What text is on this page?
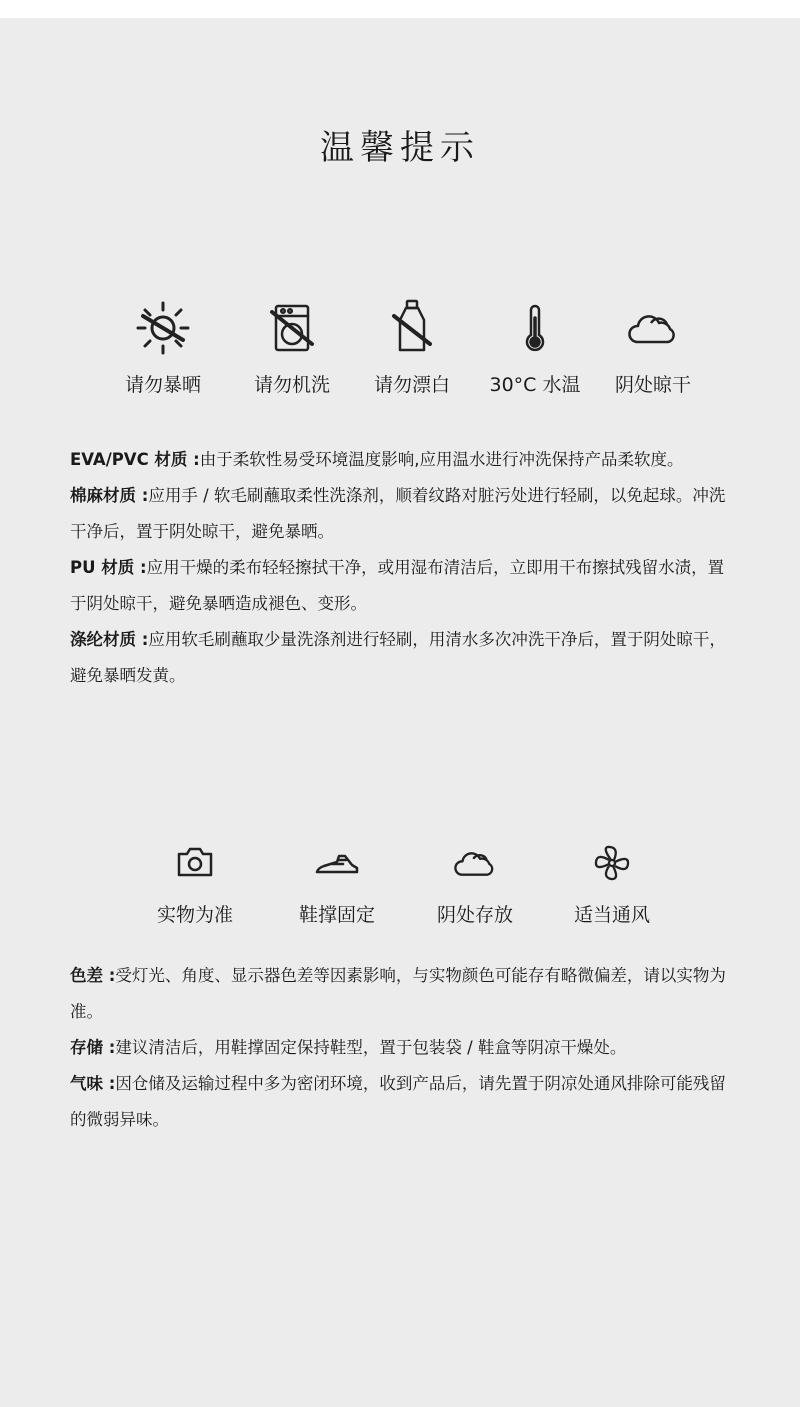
温馨提示
请勿暴晒	请勿机洗	请勿漂白	30°C 水温	阴处晾干

EVA/PVC 材质 :由于柔软性易受环境温度影响,应用温水进行冲洗保持产品柔软度。

棉麻材质 :应用手 / 软毛刷蘸取柔性洗涤剂，顺着纹路对脏污处进行轻刷，以免起球。冲洗干净后，置于阴处晾干，避免暴晒。

PU 材质 :应用干燥的柔布轻轻擦拭干净，或用湿布清洁后，立即用干布擦拭残留水渍，置于阴处晾干，避免暴晒造成褪色、变形。

涤纶材质 :应用软毛刷蘸取少量洗涤剂进行轻刷，用清水多次冲洗干净后，置于阴处晾干，避免暴晒发黄。

实物为准	鞋撑固定	阴处存放	适当通风

色差 :受灯光、角度、显示器色差等因素影响，与实物颜色可能存有略微偏差，请以实物为准。

存储 :建议清洁后，用鞋撑固定保持鞋型，置于包装袋 / 鞋盒等阴凉干燥处。

气味 :因仓储及运输过程中多为密闭环境，收到产品后，请先置于阴凉处通风排除可能残留的微弱异味。
